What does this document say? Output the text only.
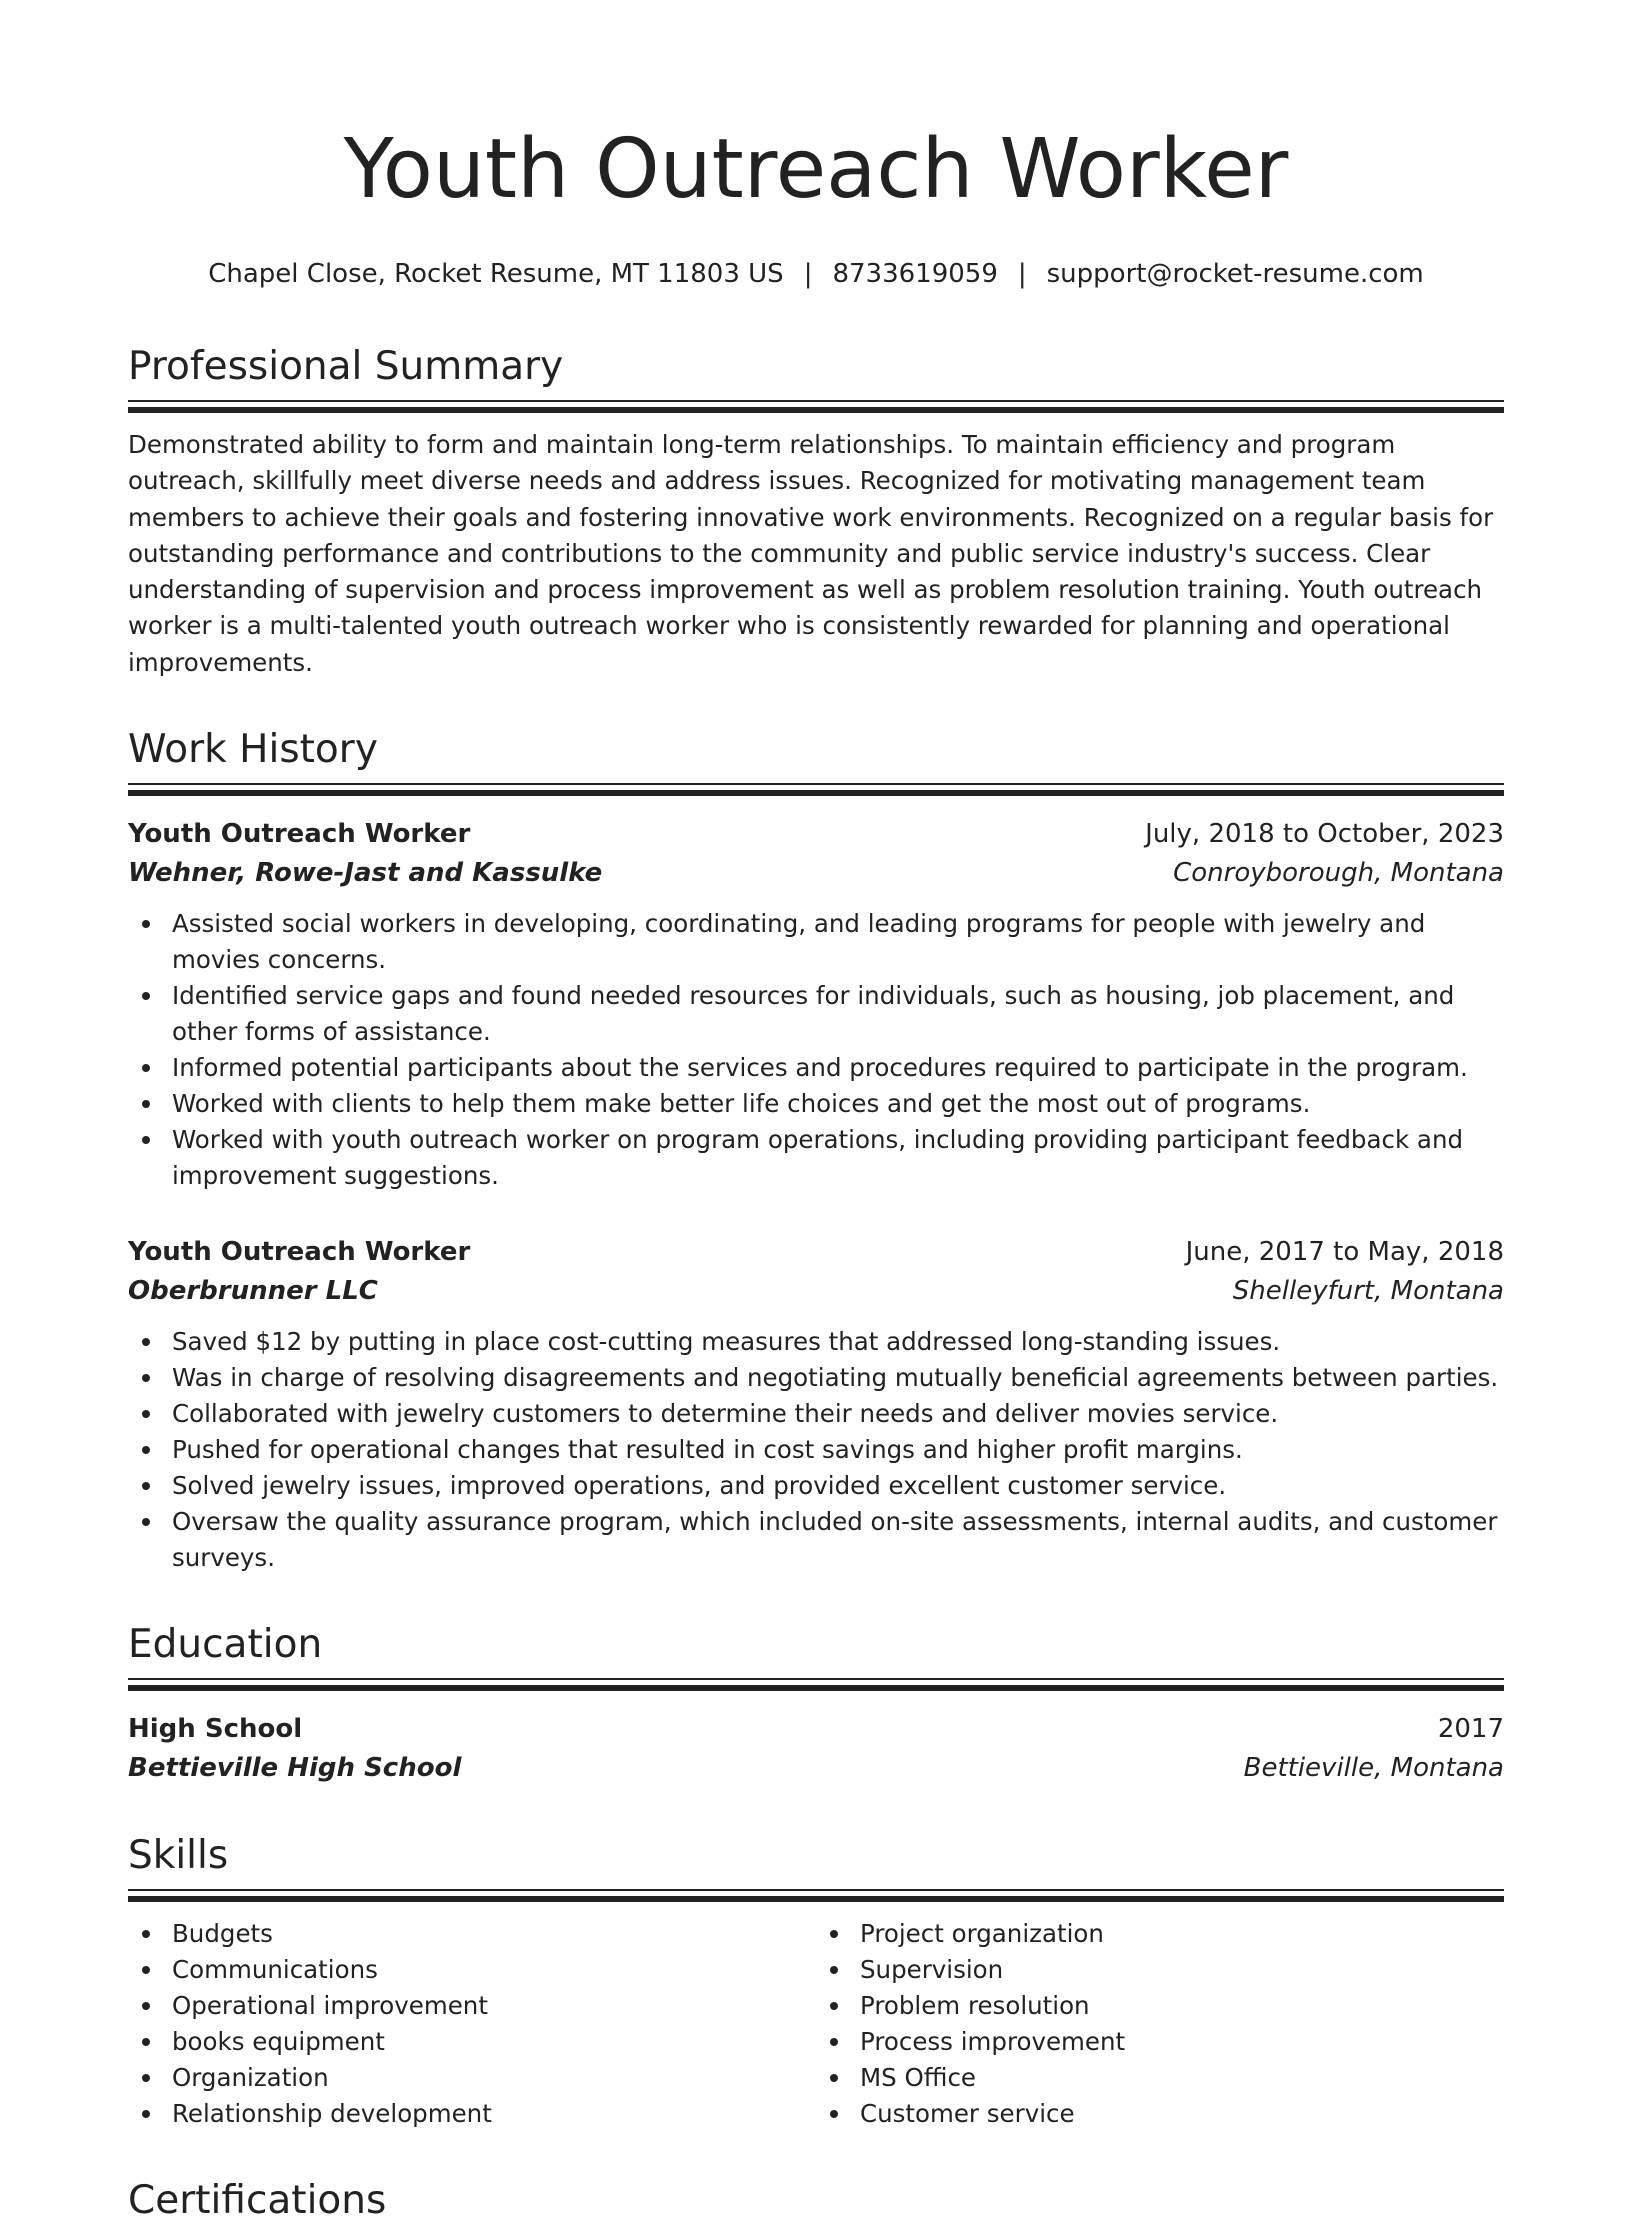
Youth Outreach Worker
Chapel Close, Rocket Resume, MT 11803 US | 8733619059 | support@rocket-resume.com
Professional Summary
Demonstrated ability to form and maintain long-term relationships. To maintain efficiency and program outreach, skillfully meet diverse needs and address issues. Recognized for motivating management team members to achieve their goals and fostering innovative work environments. Recognized on a regular basis for outstanding performance and contributions to the community and public service industry's success. Clear understanding of supervision and process improvement as well as problem resolution training. Youth outreach worker is a multi-talented youth outreach worker who is consistently rewarded for planning and operational improvements.
Work History
Youth Outreach Worker	July, 2018 to October, 2023
Wehner, Rowe-Jast and Kassulke	Conroyborough, Montana
Assisted social workers in developing, coordinating, and leading programs for people with jewelry and movies concerns.
Identified service gaps and found needed resources for individuals, such as housing, job placement, and other forms of assistance.
Informed potential participants about the services and procedures required to participate in the program.
Worked with clients to help them make better life choices and get the most out of programs.
Worked with youth outreach worker on program operations, including providing participant feedback and improvement suggestions.
Youth Outreach Worker	June, 2017 to May, 2018
Oberbrunner LLC	Shelleyfurt, Montana
Saved $12 by putting in place cost-cutting measures that addressed long-standing issues.
Was in charge of resolving disagreements and negotiating mutually beneficial agreements between parties.
Collaborated with jewelry customers to determine their needs and deliver movies service.
Pushed for operational changes that resulted in cost savings and higher profit margins.
Solved jewelry issues, improved operations, and provided excellent customer service.
Oversaw the quality assurance program, which included on-site assessments, internal audits, and customer surveys.
Education
High School	2017
Bettieville High School	Bettieville, Montana
Skills
Budgets
Communications
Operational improvement
books equipment
Organization
Relationship development
Project organization
Supervision
Problem resolution
Process improvement
MS Office
Customer service
Certifications
